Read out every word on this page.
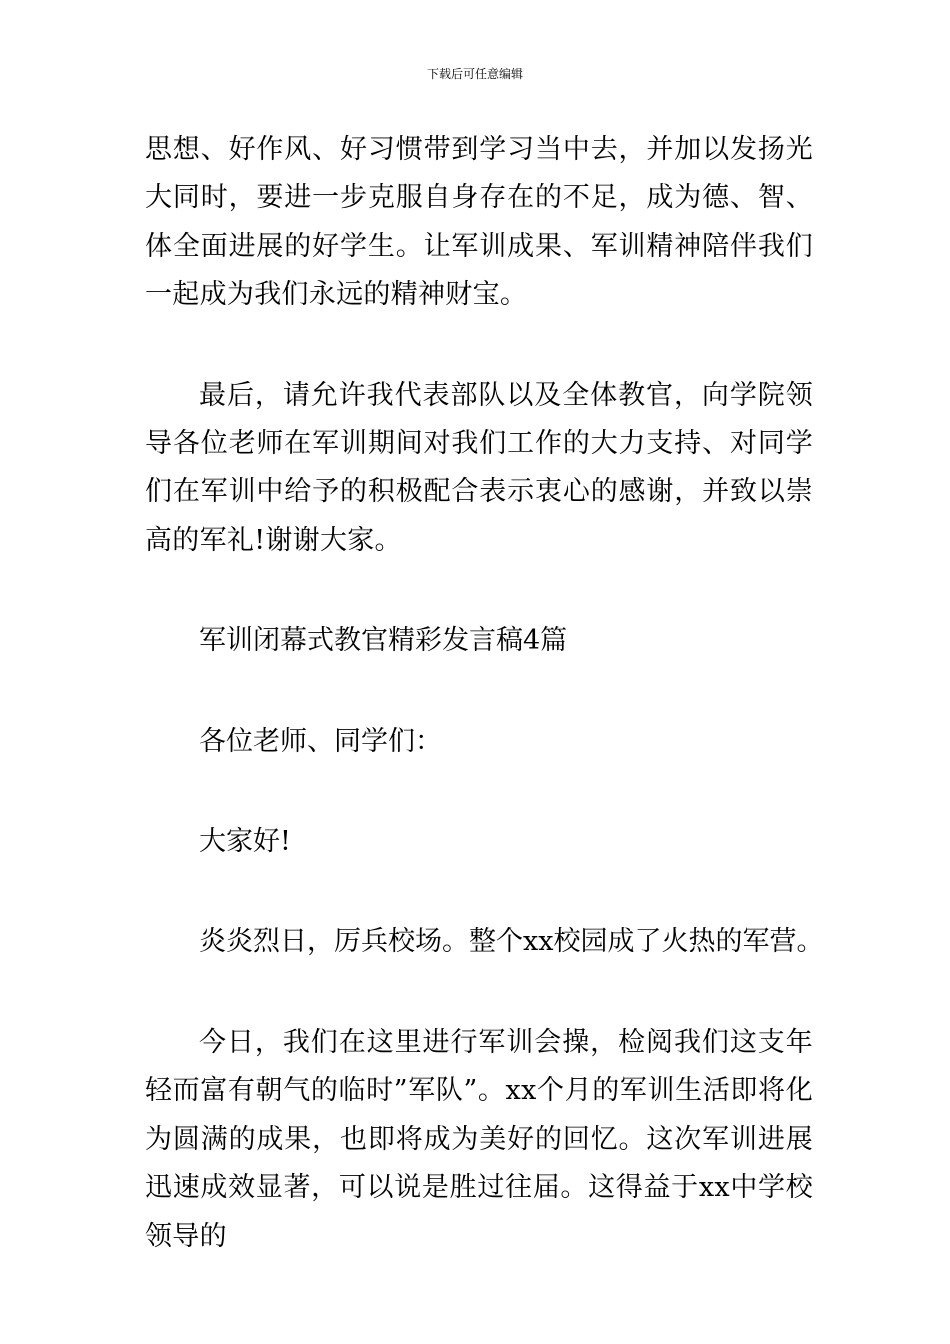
下载后可任意编辑

思想、好作风、好习惯带到学习当中去，并加以发扬光大同时，要进一步克服自身存在的不足，成为德、智、体全面进展的好学生。让军训成果、军训精神陪伴我们一起成为我们永远的精神财宝。

最后，请允许我代表部队以及全体教官，向学院领导各位老师在军训期间对我们工作的大力支持、对同学们在军训中给予的积极配合表示衷心的感谢，并致以崇高的军礼!谢谢大家。

军训闭幕式教官精彩发言稿4篇

各位老师、同学们：

大家好!

炎炎烈日，厉兵校场。整个xx校园成了火热的军营。

今日，我们在这里进行军训会操，检阅我们这支年轻而富有朝气的临时”军队”。xx个月的军训生活即将化为圆满的成果，也即将成为美好的回忆。这次军训进展迅速成效显著，可以说是胜过往届。这得益于xx中学校领导的
